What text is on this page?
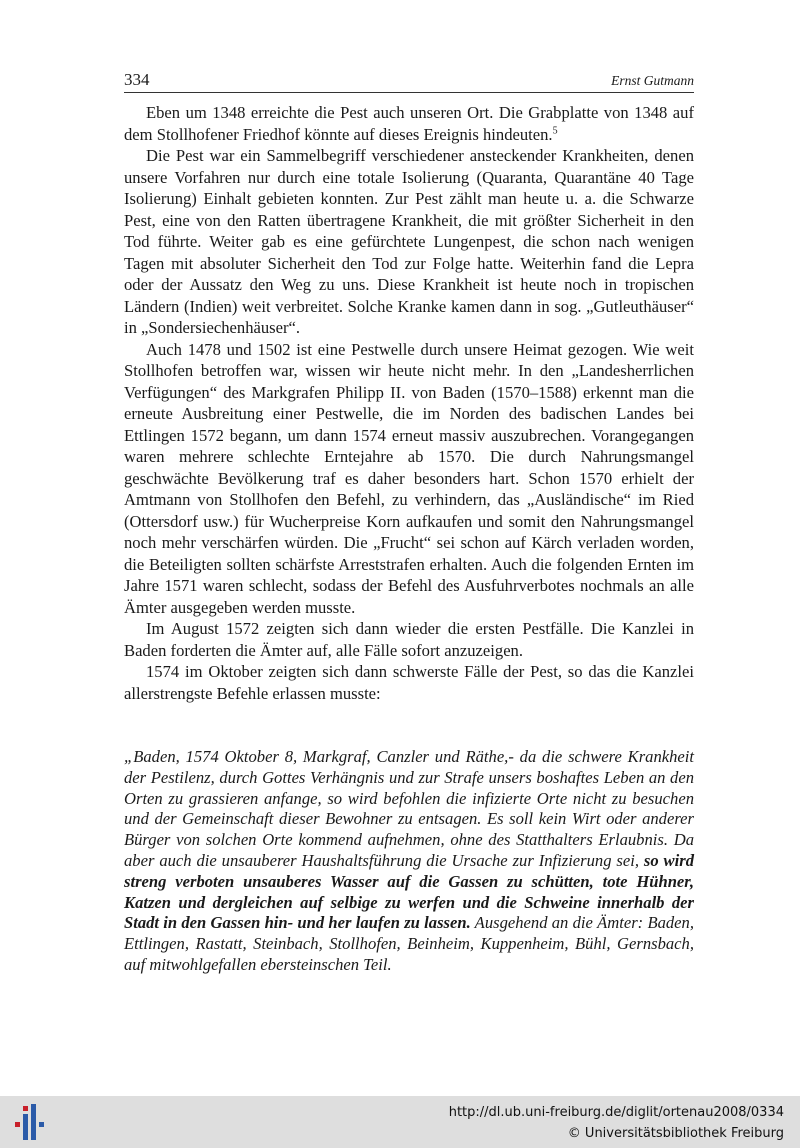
334	Ernst Gutmann

Eben um 1348 erreichte die Pest auch unseren Ort. Die Grabplatte von 1348 auf dem Stollhofener Friedhof könnte auf dieses Ereignis hindeuten.$^5$

Die Pest war ein Sammelbegriff verschiedener ansteckender Krankheiten, denen unsere Vorfahren nur durch eine totale Isolierung (Quaranta, Quarantäne 40 Tage Isolierung) Einhalt gebieten konnten. Zur Pest zählt man heute u. a. die Schwarze Pest, eine von den Ratten übertragene Krankheit, die mit größter Sicherheit in den Tod führte. Weiter gab es eine gefürchtete Lungenpest, die schon nach wenigen Tagen mit absoluter Sicherheit den Tod zur Folge hatte. Weiterhin fand die Lepra oder der Aussatz den Weg zu uns. Diese Krankheit ist heute noch in tropischen Ländern (Indien) weit verbreitet. Solche Kranke kamen dann in sog. „Gutleuthäuser“ in „Sondersiechenhäuser“.

Auch 1478 und 1502 ist eine Pestwelle durch unsere Heimat gezogen. Wie weit Stollhofen betroffen war, wissen wir heute nicht mehr. In den „Landesherrlichen Verfügungen“ des Markgrafen Philipp II. von Baden (1570–1588) erkennt man die erneute Ausbreitung einer Pestwelle, die im Norden des badischen Landes bei Ettlingen 1572 begann, um dann 1574 erneut massiv auszubrechen. Vorangegangen waren mehrere schlechte Erntejahre ab 1570. Die durch Nahrungsmangel geschwächte Bevölkerung traf es daher besonders hart. Schon 1570 erhielt der Amtmann von Stollhofen den Befehl, zu verhindern, das „Ausländische“ im Ried (Ottersdorf usw.) für Wucherpreise Korn aufkaufen und somit den Nahrungsmangel noch mehr verschärfen würden. Die „Frucht“ sei schon auf Kärch verladen worden, die Beteiligten sollten schärfste Arreststrafen erhalten. Auch die folgenden Ernten im Jahre 1571 waren schlecht, sodass der Befehl des Ausfuhrverbotes nochmals an alle Ämter ausgegeben werden musste.

Im August 1572 zeigten sich dann wieder die ersten Pestfälle. Die Kanzlei in Baden forderten die Ämter auf, alle Fälle sofort anzuzeigen.

1574 im Oktober zeigten sich dann schwerste Fälle der Pest, so das die Kanzlei allerstrengste Befehle erlassen musste:

„Baden, 1574 Oktober 8, Markgraf, Canzler und Räthe,- da die schwere Krankheit der Pestilenz, durch Gottes Verhängnis und zur Strafe unsers boshaftes Leben an den Orten zu grassieren anfange, so wird befohlen die infizierte Orte nicht zu besuchen und der Gemeinschaft dieser Bewohner zu entsagen. Es soll kein Wirt oder anderer Bürger von solchen Orte kommend aufnehmen, ohne des Statthalters Erlaubnis. Da aber auch die unsauberer Haushaltsführung die Ursache zur Infizierung sei, so wird streng verboten unsauberes Wasser auf die Gassen zu schütten, tote Hühner, Katzen und dergleichen auf selbige zu werfen und die Schweine innerhalb der Stadt in den Gassen hin- und her laufen zu lassen. Ausgehend an die Ämter: Baden, Ettlingen, Rastatt, Steinbach, Stollhofen, Beinheim, Kuppenheim, Bühl, Gernsbach, auf mitwohlgefallen ebersteinschen Teil.

http://dl.ub.uni-freiburg.de/diglit/ortenau2008/0334
© Universitätsbibliothek Freiburg
